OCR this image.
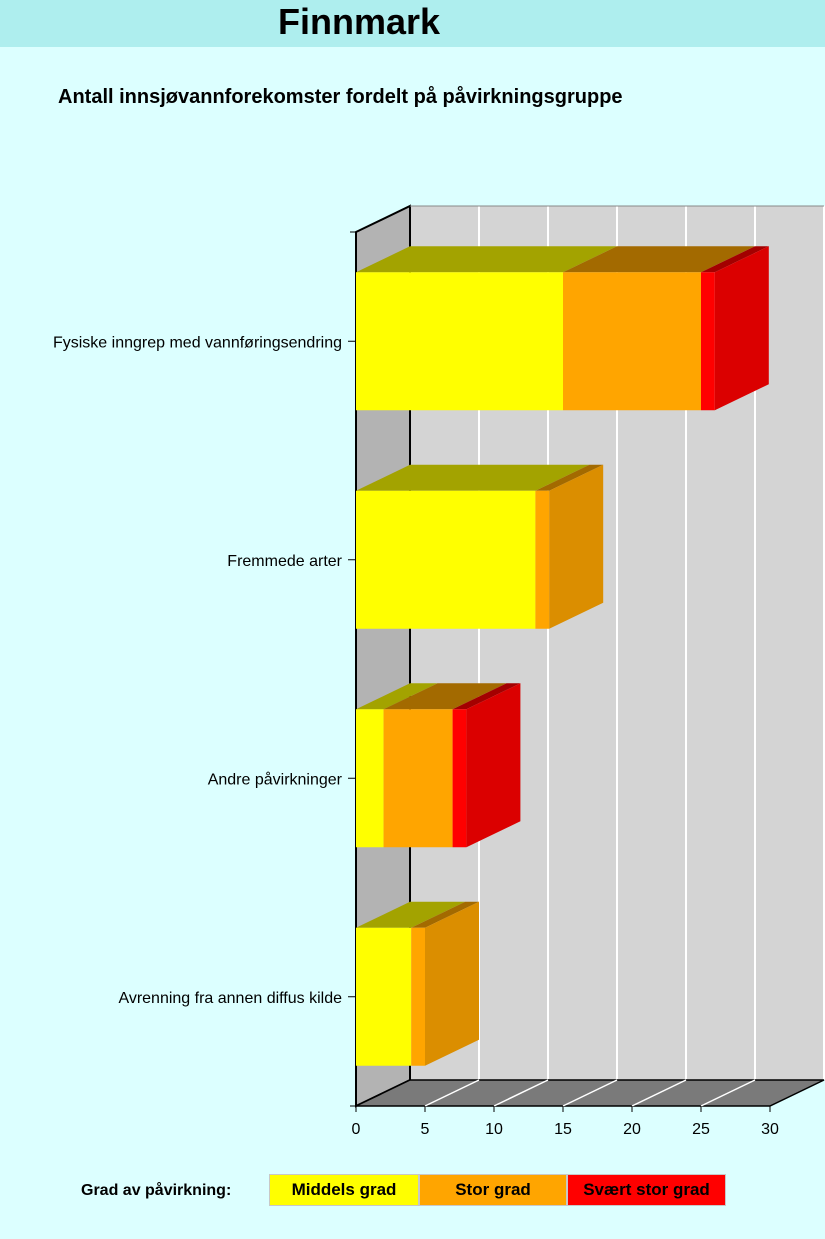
Finnmark
Antall innsjøvannforekomster fordelt på påvirkningsgruppe
0	5	10	15	20	25	30
Fysiske inngrep med vannføringsendring
Fremmede arter
Andre påvirkninger
Avrenning fra annen diffus kilde
Grad av påvirkning:	Middels grad	Stor grad	Svært stor grad
